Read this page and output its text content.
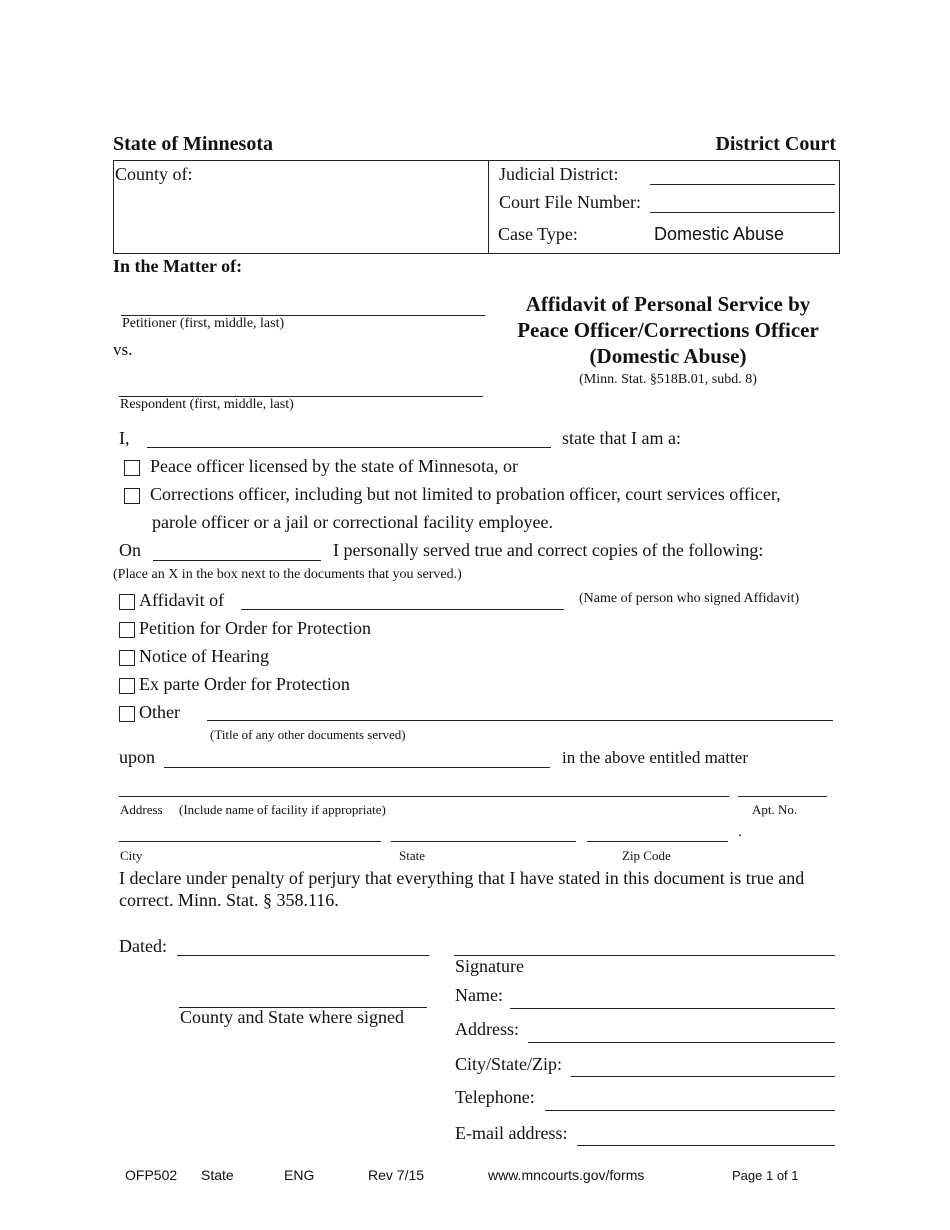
State of Minnesota	District Court
County of:	Judicial District:
Court File Number:
Case Type:	Domestic Abuse
In the Matter of:
Petitioner (first, middle, last)
vs.
Respondent (first, middle, last)
Affidavit of Personal Service by
Peace Officer/Corrections Officer
(Domestic Abuse)
(Minn. Stat. §518B.01, subd. 8)
I,	state that I am a:
Peace officer licensed by the state of Minnesota, or
Corrections officer, including but not limited to probation officer, court services officer,
parole officer or a jail or correctional facility employee.
On	I personally served true and correct copies of the following:
(Place an X in the box next to the documents that you served.)
Affidavit of	(Name of person who signed Affidavit)
Petition for Order for Protection
Notice of Hearing
Ex parte Order for Protection
Other
(Title of any other documents served)
upon	in the above entitled matter
Address (Include name of facility if appropriate)	Apt. No.
.
City	State	Zip Code
I declare under penalty of perjury that everything that I have stated in this document is true and
correct. Minn. Stat. § 358.116.
Dated:
County and State where signed
Signature
Name:
Address:
City/State/Zip:
Telephone:
E-mail address:
OFP502 State	ENG	Rev 7/15	www.mncourts.gov/forms	Page 1 of 1
